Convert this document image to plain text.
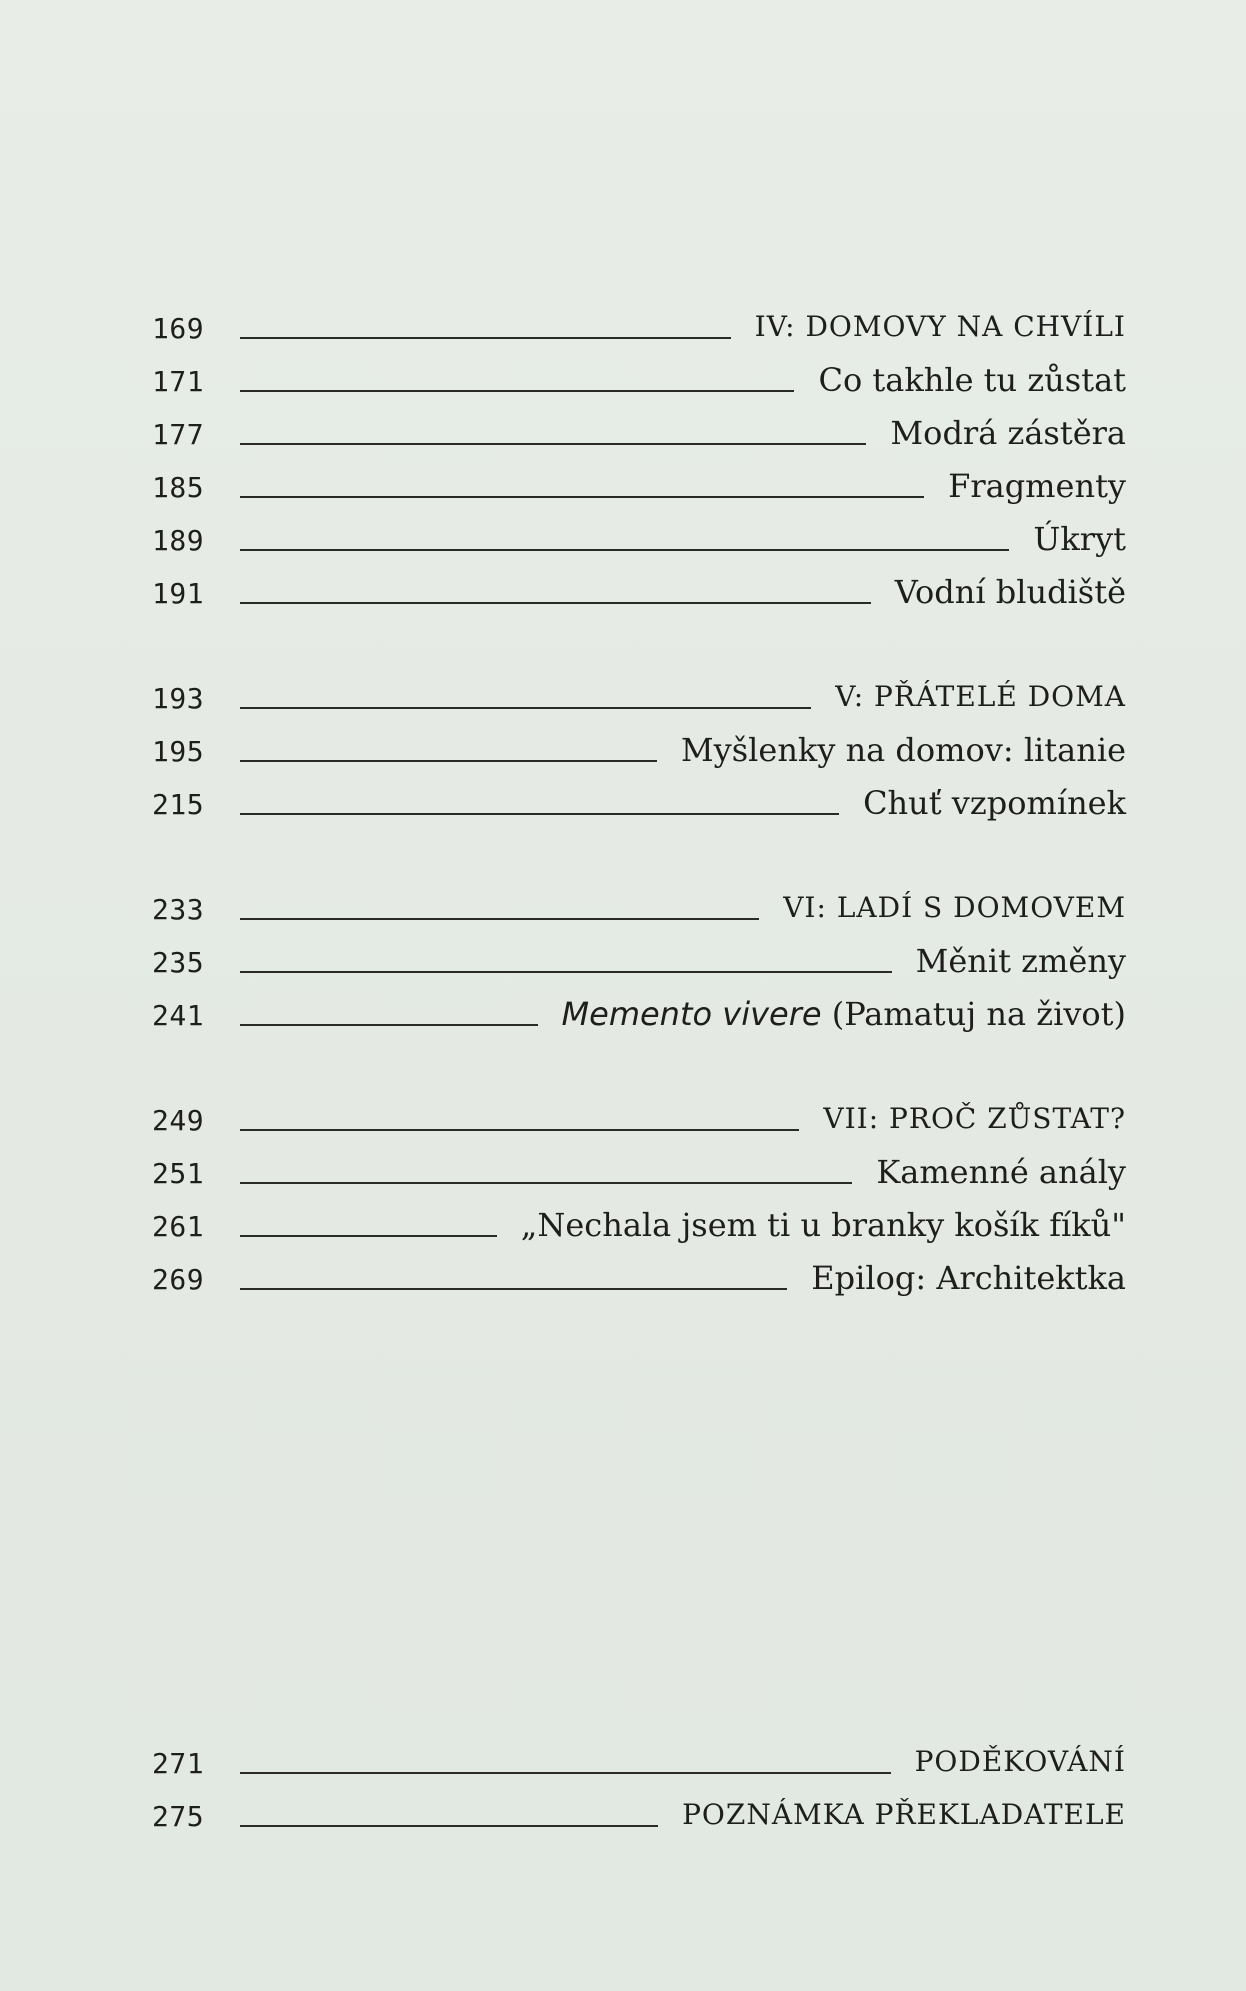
169	IV: DOMOVY NA CHVÍLI
171	Co takhle tu zůstat
177	Modrá zástěra
185	Fragmenty
189	Úkryt
191	Vodní bludiště
193	V: PŘÁTELÉ DOMA
195	Myšlenky na domov: litanie
215	Chuť vzpomínek
233	VI: LADÍ S DOMOVEM
235	Měnit změny
241	Memento vivere (Pamatuj na život)
249	VII: PROČ ZŮSTAT?
251	Kamenné anály
261	„Nechala jsem ti u branky košík fíků"
269	Epilog: Architektka
271	PODĚKOVÁNÍ
275	POZNÁMKA PŘEKLADATELE
